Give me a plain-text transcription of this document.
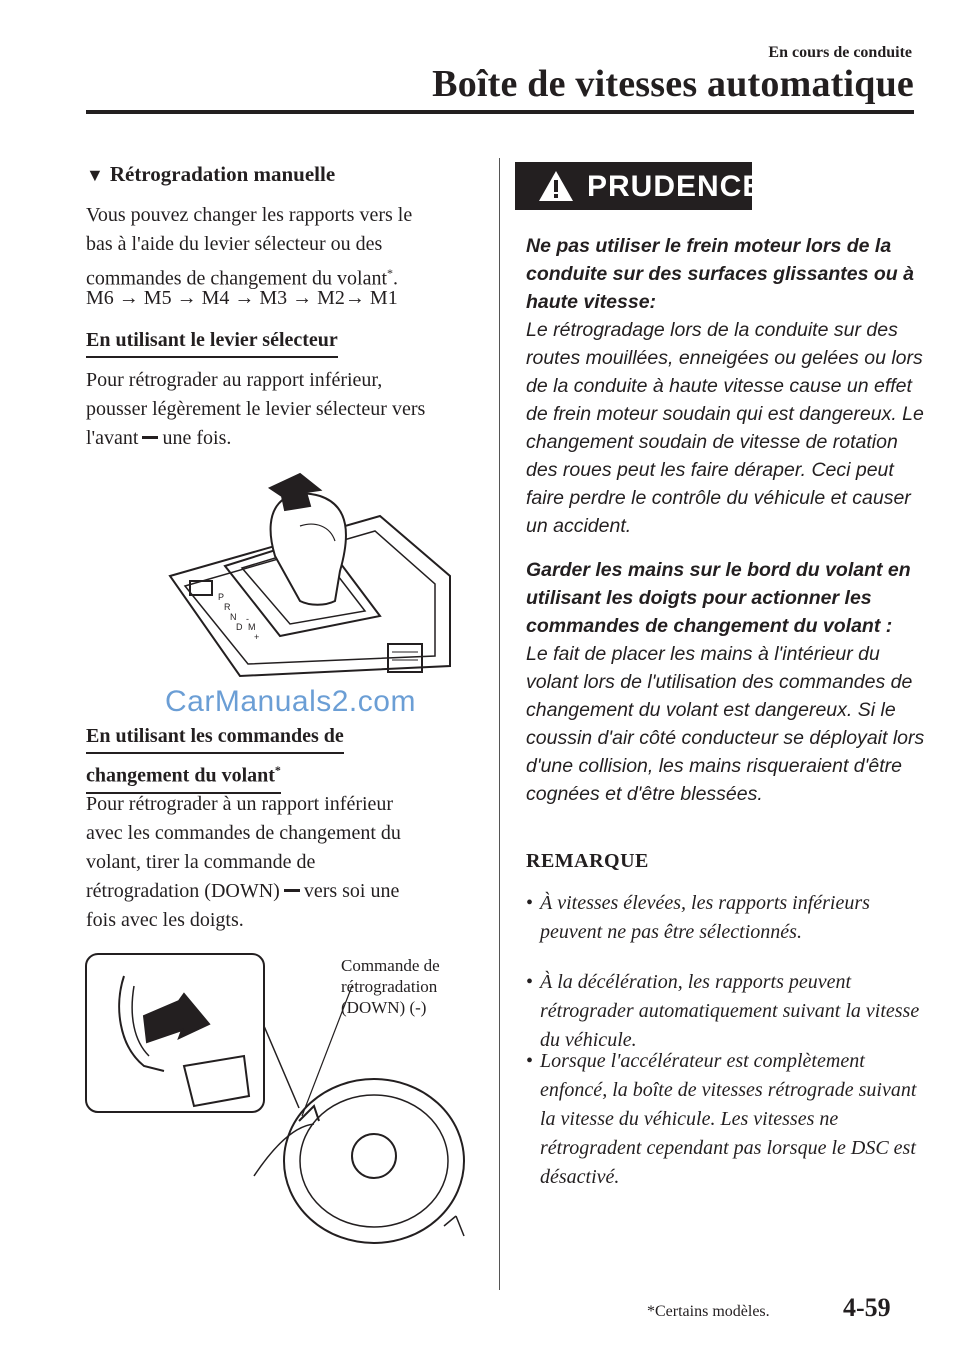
En cours de conduite
Boîte de vitesses automatique
▼ Rétrogradation manuelle
Vous pouvez changer les rapports vers le
bas à l'aide du levier sélecteur ou des
commandes de changement du volant*.
M6 → M5 → M4 → M3 → M2→ M1
En utilisant le levier sélecteur
Pour rétrograder au rapport inférieur,
pousser légèrement le levier sélecteur vers
l'avant une fois.
P
R
N
D M
+
-
CarManuals2.com
En utilisant les commandes de
changement du volant*
Pour rétrograder à un rapport inférieur
avec les commandes de changement du
volant, tirer la commande de
rétrogradation (DOWN) vers soi une
fois avec les doigts.
Commande de
rétrogradation
(DOWN) (-)
PRUDENCE
Ne pas utiliser le frein moteur lors de la conduite sur des surfaces glissantes ou à haute vitesse:
Le rétrogradage lors de la conduite sur des routes mouillées, enneigées ou gelées ou lors de la conduite à haute vitesse cause un effet de frein moteur soudain qui est dangereux. Le changement soudain de vitesse de rotation des roues peut les faire déraper. Ceci peut faire perdre le contrôle du véhicule et causer un accident.
Garder les mains sur le bord du volant en utilisant les doigts pour actionner les commandes de changement du volant :
Le fait de placer les mains à l'intérieur du volant lors de l'utilisation des commandes de changement du volant est dangereux. Si le coussin d'air côté conducteur se déployait lors d'une collision, les mains risqueraient d'être cognées et d'être blessées.
REMARQUE
• À vitesses élevées, les rapports inférieurs peuvent ne pas être sélectionnés.
• À la décélération, les rapports peuvent rétrograder automatiquement suivant la vitesse du véhicule.
• Lorsque l'accélérateur est complètement enfoncé, la boîte de vitesses rétrograde suivant la vitesse du véhicule. Les vitesses ne rétrogradent cependant pas lorsque le DSC est désactivé.
*Certains modèles.	4-59
